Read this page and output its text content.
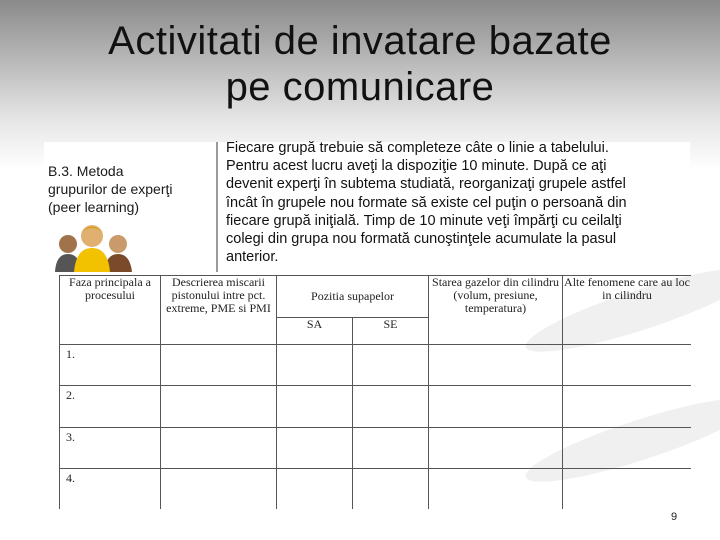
Activitati de invatare bazate
pe comunicare
B.3. Metoda
grupurilor de experţi
(peer learning)
Fiecare grupă trebuie să completeze câte o linie a tabelului.
Pentru acest lucru aveţi la dispoziţie 10 minute. După ce aţi
devenit experţi în subtema studiată, reorganizaţi grupele astfel
încât în grupele nou formate să existe cel puţin o persoană din
fiecare grupă iniţială. Timp de 10 minute veţi împărţi cu ceilalţi
colegi din grupa nou formată cunoştinţele acumulate la pasul
anterior.
Faza principala a procesului	Descrierea miscarii pistonului intre pct. extreme, PME si PMI	Pozitia supapelor		Starea gazelor din cilindru (volum, presiune, temperatura)	Alte fenomene care au loc in cilindru
		SA	SE		
1.					
2.					
3.					
4.					
9
